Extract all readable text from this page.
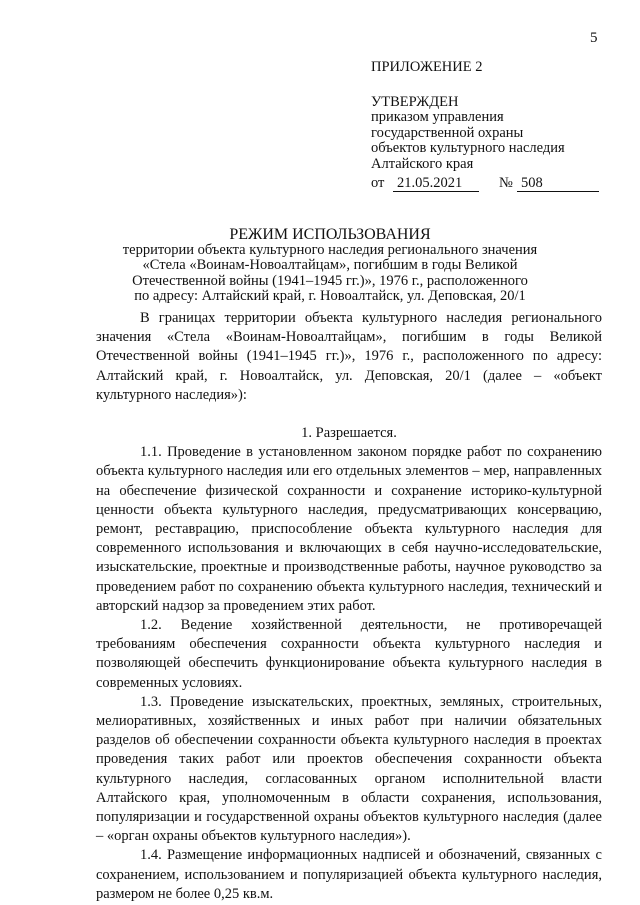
5
ПРИЛОЖЕНИЕ 2
УТВЕРЖДЕН
приказом управления
государственной охраны
объектов культурного наследия
Алтайского края
от 21.05.2021	№ 508
РЕЖИМ ИСПОЛЬЗОВАНИЯ
территории объекта культурного наследия регионального значения
«Стела «Воинам-Новоалтайцам», погибшим в годы Великой
Отечественной войны (1941–1945 гг.)», 1976 г., расположенного
по адресу: Алтайский край, г. Новоалтайск, ул. Деповская, 20/1

В границах территории объекта культурного наследия регионального значения «Стела «Воинам-Новоалтайцам», погибшим в годы Великой Отечественной войны (1941–1945 гг.)», 1976 г., расположенного по адресу: Алтайский край, г. Новоалтайск, ул. Деповская, 20/1 (далее – «объект культурного наследия»):

1. Разрешается.

1.1. Проведение в установленном законом порядке работ по сохранению объекта культурного наследия или его отдельных элементов – мер, направленных на обеспечение физической сохранности и сохранение историко-культурной ценности объекта культурного наследия, предусматривающих консервацию, ремонт, реставрацию, приспособление объекта культурного наследия для современного использования и включающих в себя научно-исследовательские, изыскательские, проектные и производственные работы, научное руководство за проведением работ по сохранению объекта культурного наследия, технический и авторский надзор за проведением этих работ.

1.2. Ведение хозяйственной деятельности, не противоречащей требованиям обеспечения сохранности объекта культурного наследия и позволяющей обеспечить функционирование объекта культурного наследия в современных условиях.

1.3. Проведение изыскательских, проектных, земляных, строительных, мелиоративных, хозяйственных и иных работ при наличии обязательных разделов об обеспечении сохранности объекта культурного наследия в проектах проведения таких работ или проектов обеспечения сохранности объекта культурного наследия, согласованных органом исполнительной власти Алтайского края, уполномоченным в области сохранения, использования, популяризации и государственной охраны объектов культурного наследия (далее – «орган охраны объектов культурного наследия»).

1.4. Размещение информационных надписей и обозначений, связанных с сохранением, использованием и популяризацией объекта культурного наследия, размером не более 0,25 кв.м.
